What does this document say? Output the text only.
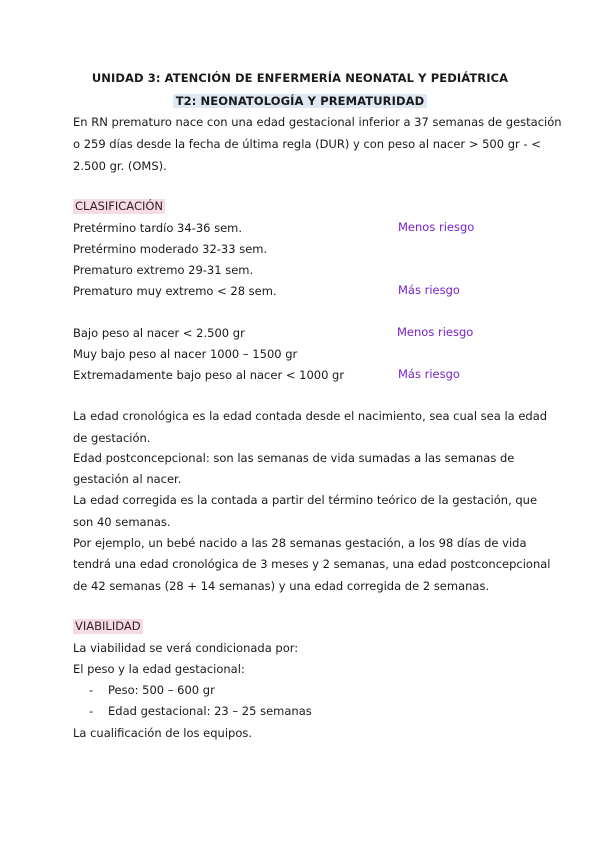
UNIDAD 3: ATENCIÓN DE ENFERMERÍA NEONATAL Y PEDIÁTRICA
T2: NEONATOLOGÍA Y PREMATURIDAD
En RN prematuro nace con una edad gestacional inferior a 37 semanas de gestación
o 259 días desde la fecha de última regla (DUR) y con peso al nacer > 500 gr - <
2.500 gr. (OMS).
CLASIFICACIÓN
Pretérmino tardío 34-36 sem.	Menos riesgo
Pretérmino moderado 32-33 sem.
Prematuro extremo 29-31 sem.
Prematuro muy extremo < 28 sem.	Más riesgo
Bajo peso al nacer < 2.500 gr	Menos riesgo
Muy bajo peso al nacer 1000 – 1500 gr
Extremadamente bajo peso al nacer < 1000 gr	Más riesgo
La edad cronológica es la edad contada desde el nacimiento, sea cual sea la edad
de gestación.
Edad postconcepcional: son las semanas de vida sumadas a las semanas de
gestación al nacer.
La edad corregida es la contada a partir del término teórico de la gestación, que
son 40 semanas.
Por ejemplo, un bebé nacido a las 28 semanas gestación, a los 98 días de vida
tendrá una edad cronológica de 3 meses y 2 semanas, una edad postconcepcional
de 42 semanas (28 + 14 semanas) y una edad corregida de 2 semanas.
VIABILIDAD
La viabilidad se verá condicionada por:
El peso y la edad gestacional:
- Peso: 500 – 600 gr
- Edad gestacional: 23 – 25 semanas
La cualificación de los equipos.
